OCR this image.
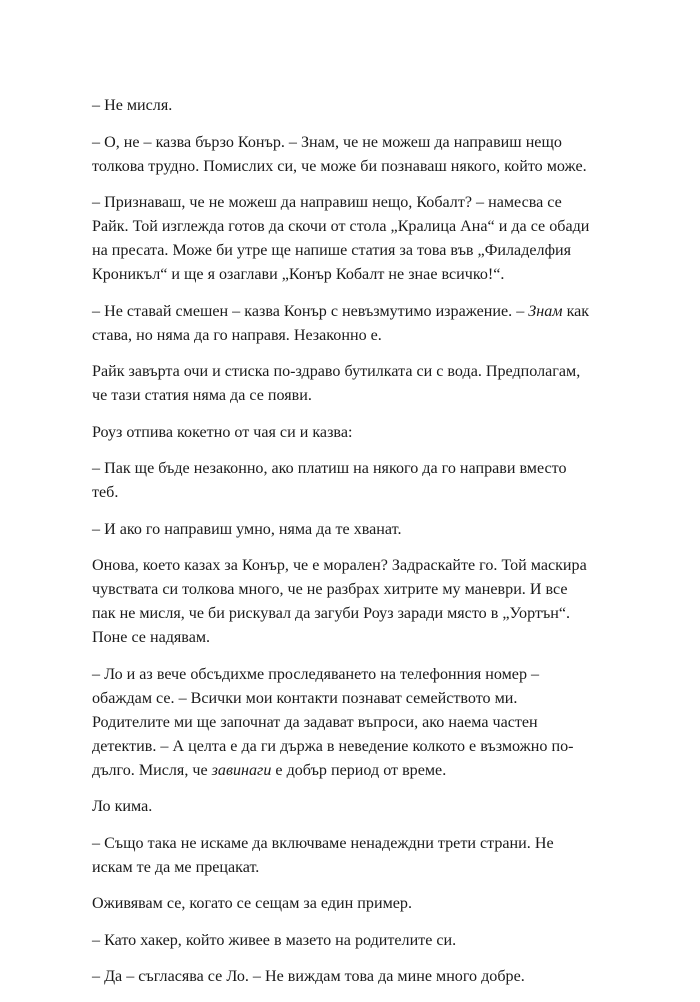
– Не мисля.

– О, не – казва бързо Конър. – Знам, че не можеш да направиш нещо
толкова трудно. Помислих си, че може би познаваш някого, който може.

– Признаваш, че не можеш да направиш нещо, Кобалт? – намесва се
Райк. Той изглежда готов да скочи от стола „Кралица Ана“ и да се обади
на пресата. Може би утре ще напише статия за това във „Филаделфия
Кроникъл“ и ще я озаглави „Конър Кобалт не знае всичко!“.

– Не ставай смешен – казва Конър с невъзмутимо изражение. – Знам как
става, но няма да го направя. Незаконно е.

Райк завърта очи и стиска по-здраво бутилката си с вода. Предполагам,
че тази статия няма да се появи.

Роуз отпива кокетно от чая си и казва:

– Пак ще бъде незаконно, ако платиш на някого да го направи вместо
теб.

– И ако го направиш умно, няма да те хванат.

Онова, което казах за Конър, че е морален? Задраскайте го. Той маскира
чувствата си толкова много, че не разбрах хитрите му маневри. И все
пак не мисля, че би рискувал да загуби Роуз заради място в „Уортън“.
Поне се надявам.

– Ло и аз вече обсъдихме проследяването на телефонния номер –
обаждам се. – Всички мои контакти познават семейството ми.
Родителите ми ще започнат да задават въпроси, ако наема частен
детектив. – А целта е да ги държа в неведение колкото е възможно по-
дълго. Мисля, че завинаги е добър период от време.

Ло кима.

– Също така не искаме да включваме ненадеждни трети страни. Не
искам те да ме прецакат.

Оживявам се, когато се сещам за един пример.

– Като хакер, който живее в мазето на родителите си.

– Да – съгласява се Ло. – Не виждам това да мине много добре.
